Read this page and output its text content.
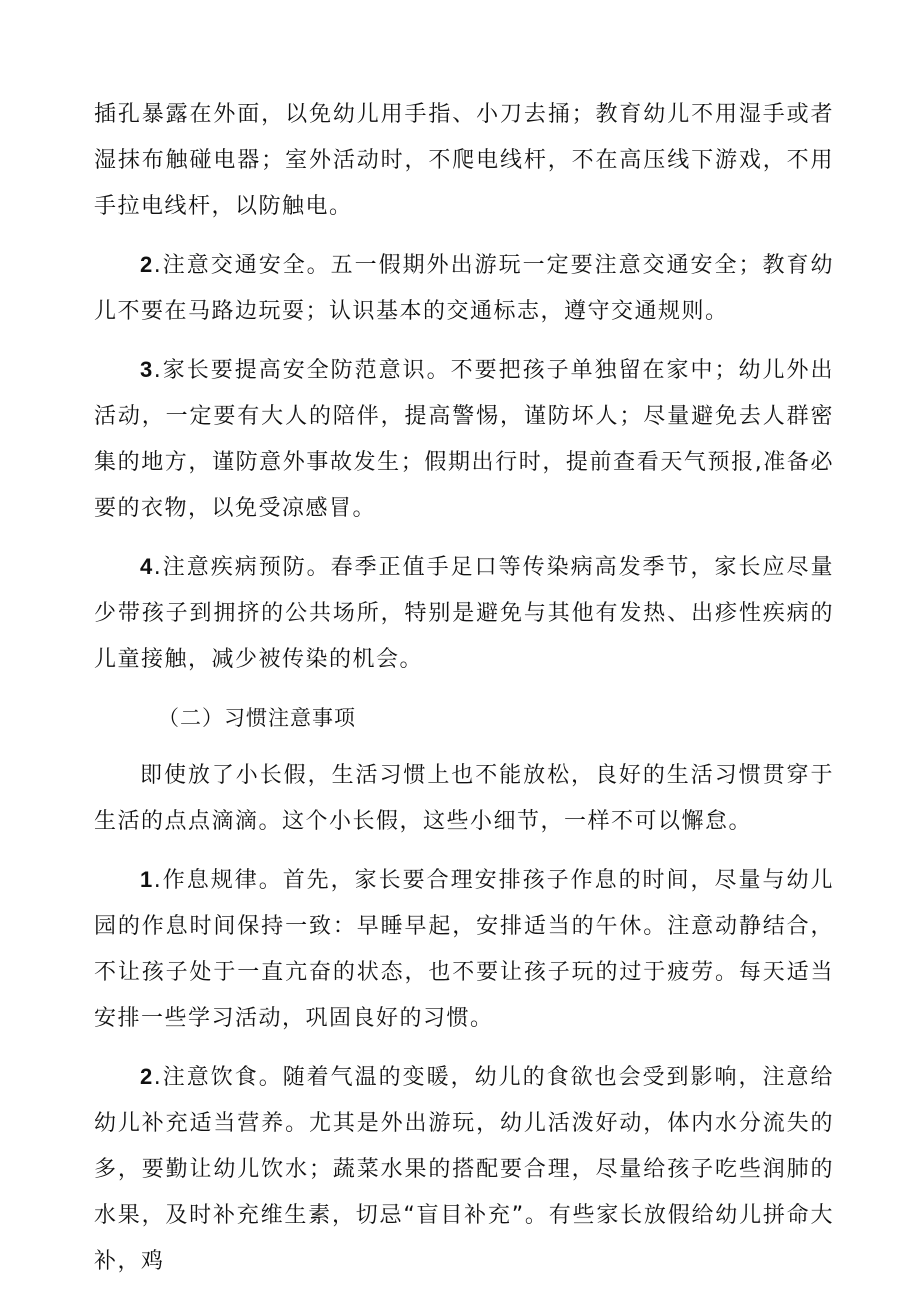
插孔暴露在外面，以免幼儿用手指、小刀去捅；教育幼儿不用湿手或者湿抹布触碰电器；室外活动时，不爬电线杆，不在高压线下游戏，不用手拉电线杆，以防触电。

2.注意交通安全。五一假期外出游玩一定要注意交通安全；教育幼儿不要在马路边玩耍；认识基本的交通标志，遵守交通规则。

3.家长要提高安全防范意识。不要把孩子单独留在家中；幼儿外出活动，一定要有大人的陪伴，提高警惕，谨防坏人；尽量避免去人群密集的地方，谨防意外事故发生；假期出行时，提前查看天气预报,准备必要的衣物，以免受凉感冒。

4.注意疾病预防。春季正值手足口等传染病高发季节，家长应尽量少带孩子到拥挤的公共场所，特别是避免与其他有发热、出疹性疾病的儿童接触，减少被传染的机会。

（二）习惯注意事项

即使放了小长假，生活习惯上也不能放松，良好的生活习惯贯穿于生活的点点滴滴。这个小长假，这些小细节，一样不可以懈怠。

1.作息规律。首先，家长要合理安排孩子作息的时间，尽量与幼儿园的作息时间保持一致：早睡早起，安排适当的午休。注意动静结合，不让孩子处于一直亢奋的状态，也不要让孩子玩的过于疲劳。每天适当安排一些学习活动，巩固良好的习惯。

2.注意饮食。随着气温的变暖，幼儿的食欲也会受到影响，注意给幼儿补充适当营养。尤其是外出游玩，幼儿活泼好动，体内水分流失的多，要勤让幼儿饮水；蔬菜水果的搭配要合理，尽量给孩子吃些润肺的水果，及时补充维生素，切忌“盲目补充”。有些家长放假给幼儿拼命大补，鸡
